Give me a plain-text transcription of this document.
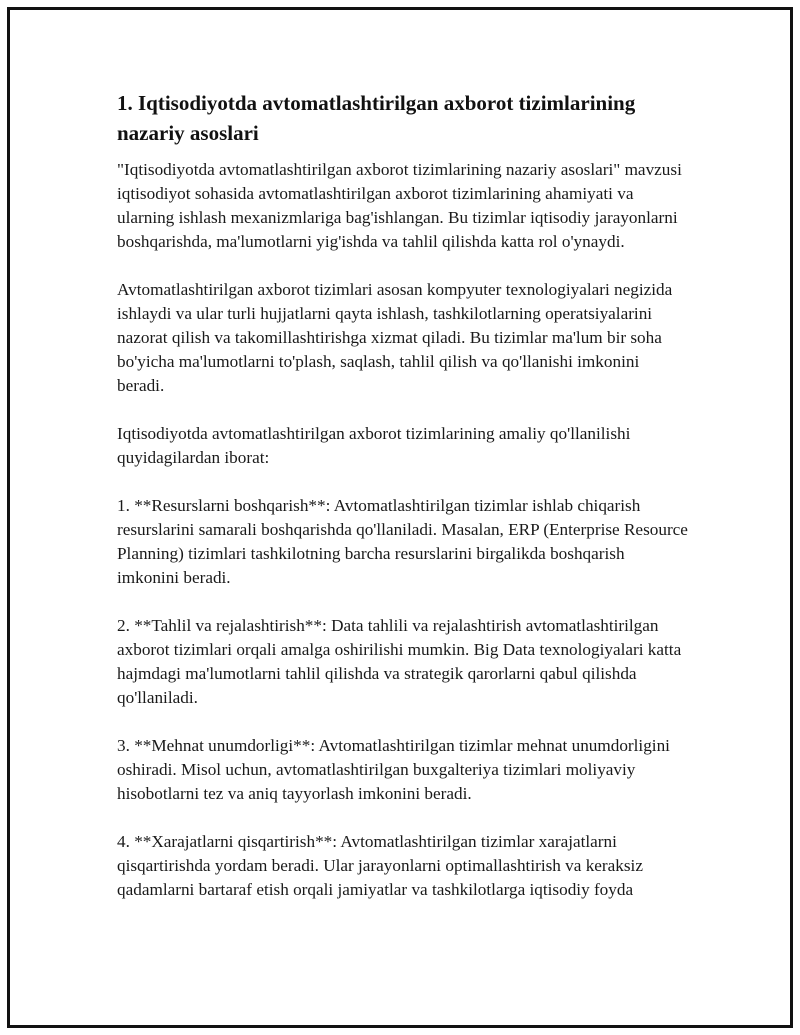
1. Iqtisodiyotda avtomatlashtirilgan axborot tizimlarining nazariy asoslari

"Iqtisodiyotda avtomatlashtirilgan axborot tizimlarining nazariy asoslari" mavzusi iqtisodiyot sohasida avtomatlashtirilgan axborot tizimlarining ahamiyati va ularning ishlash mexanizmlariga bag'ishlangan. Bu tizimlar iqtisodiy jarayonlarni boshqarishda, ma'lumotlarni yig'ishda va tahlil qilishda katta rol o'ynaydi.

Avtomatlashtirilgan axborot tizimlari asosan kompyuter texnologiyalari negizida ishlaydi va ular turli hujjatlarni qayta ishlash, tashkilotlarning operatsiyalarini nazorat qilish va takomillashtirishga xizmat qiladi. Bu tizimlar ma'lum bir soha bo'yicha ma'lumotlarni to'plash, saqlash, tahlil qilish va qo'llanishi imkonini beradi.

Iqtisodiyotda avtomatlashtirilgan axborot tizimlarining amaliy qo'llanilishi quyidagilardan iborat:

1. **Resurslarni boshqarish**: Avtomatlashtirilgan tizimlar ishlab chiqarish resurslarini samarali boshqarishda qo'llaniladi. Masalan, ERP (Enterprise Resource Planning) tizimlari tashkilotning barcha resurslarini birgalikda boshqarish imkonini beradi.

2. **Tahlil va rejalashtirish**: Data tahlili va rejalashtirish avtomatlashtirilgan axborot tizimlari orqali amalga oshirilishi mumkin. Big Data texnologiyalari katta hajmdagi ma'lumotlarni tahlil qilishda va strategik qarorlarni qabul qilishda qo'llaniladi.

3. **Mehnat unumdorligi**: Avtomatlashtirilgan tizimlar mehnat unumdorligini oshiradi. Misol uchun, avtomatlashtirilgan buxgalteriya tizimlari moliyaviy hisobotlarni tez va aniq tayyorlash imkonini beradi.

4. **Xarajatlarni qisqartirish**: Avtomatlashtirilgan tizimlar xarajatlarni qisqartirishda yordam beradi. Ular jarayonlarni optimallashtirish va keraksiz qadamlarni bartaraf etish orqali jamiyatlar va tashkilotlarga iqtisodiy foyda
